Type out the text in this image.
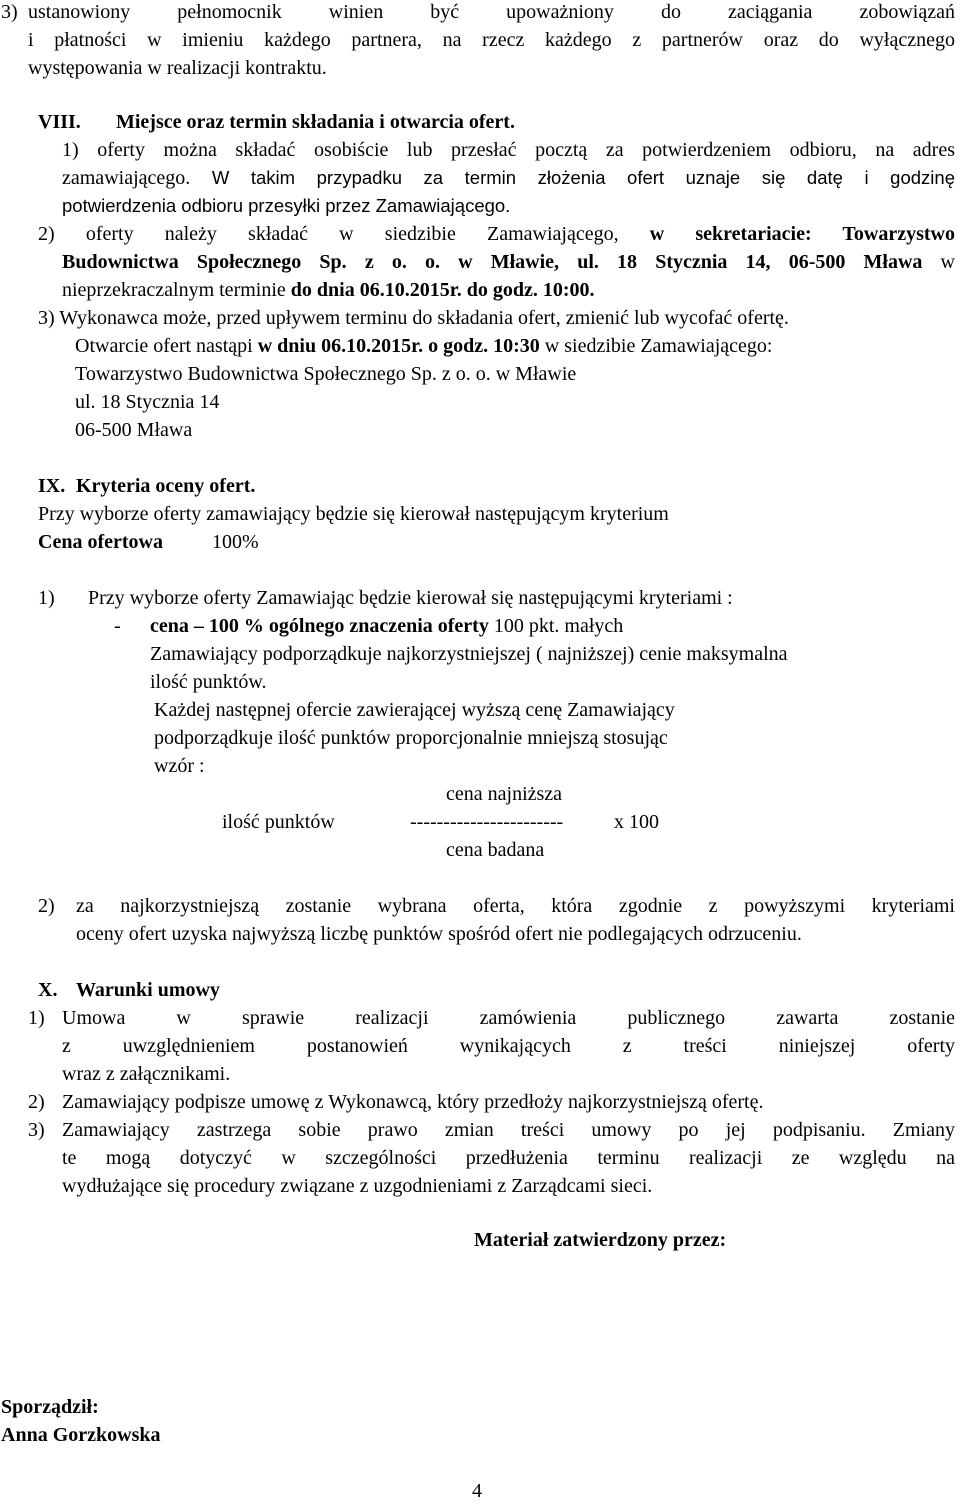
3) ustanowiony pełnomocnik winien być upoważniony do zaciągania zobowiązań
i płatności w imieniu każdego partnera, na rzecz każdego z partnerów oraz do wyłącznego
występowania w realizacji kontraktu.
VIII. Miejsce oraz termin składania i otwarcia ofert.
1) oferty można składać osobiście lub przesłać pocztą za potwierdzeniem odbioru, na adres
zamawiającego. W takim przypadku za termin złożenia ofert uznaje się datę i godzinę
potwierdzenia odbioru przesyłki przez Zamawiającego.
2) oferty należy składać w siedzibie Zamawiającego, w sekretariacie: Towarzystwo
Budownictwa Społecznego Sp. z o. o. w Mławie, ul. 18 Stycznia 14, 06-500 Mława w
nieprzekraczalnym terminie do dnia 06.10.2015r. do godz. 10:00.
3) Wykonawca może, przed upływem terminu do składania ofert, zmienić lub wycofać ofertę.
Otwarcie ofert nastąpi w dniu 06.10.2015r. o godz. 10:30 w siedzibie Zamawiającego:
Towarzystwo Budownictwa Społecznego Sp. z o. o. w Mławie
ul. 18 Stycznia 14
06-500 Mława
IX. Kryteria oceny ofert.
Przy wyborze oferty zamawiający będzie się kierował następującym kryterium
Cena ofertowa 100%
1) Przy wyborze oferty Zamawiając będzie kierował się następującymi kryteriami :
- cena – 100 % ogólnego znaczenia oferty 100 pkt. małych
Zamawiający podporządkuje najkorzystniejszej ( najniższej) cenie maksymalna
ilość punktów.
Każdej następnej ofercie zawierającej wyższą cenę Zamawiający
podporządkuje ilość punktów proporcjonalnie mniejszą stosując
wzór :
cena najniższa
ilość punktów	-----------------------	x 100
cena badana
2) za najkorzystniejszą zostanie wybrana oferta, która zgodnie z powyższymi kryteriami
oceny ofert uzyska najwyższą liczbę punktów spośród ofert nie podlegających odrzuceniu.
X. Warunki umowy
1) Umowa w sprawie realizacji zamówienia publicznego zawarta zostanie
z uwzględnieniem postanowień wynikających z treści niniejszej oferty
wraz z załącznikami.
2) Zamawiający podpisze umowę z Wykonawcą, który przedłoży najkorzystniejszą ofertę.
3) Zamawiający zastrzega sobie prawo zmian treści umowy po jej podpisaniu. Zmiany
te mogą dotyczyć w szczególności przedłużenia terminu realizacji ze względu na
wydłużające się procedury związane z uzgodnieniami z Zarządcami sieci.
Materiał zatwierdzony przez:
Sporządził:
Anna Gorzkowska
4
